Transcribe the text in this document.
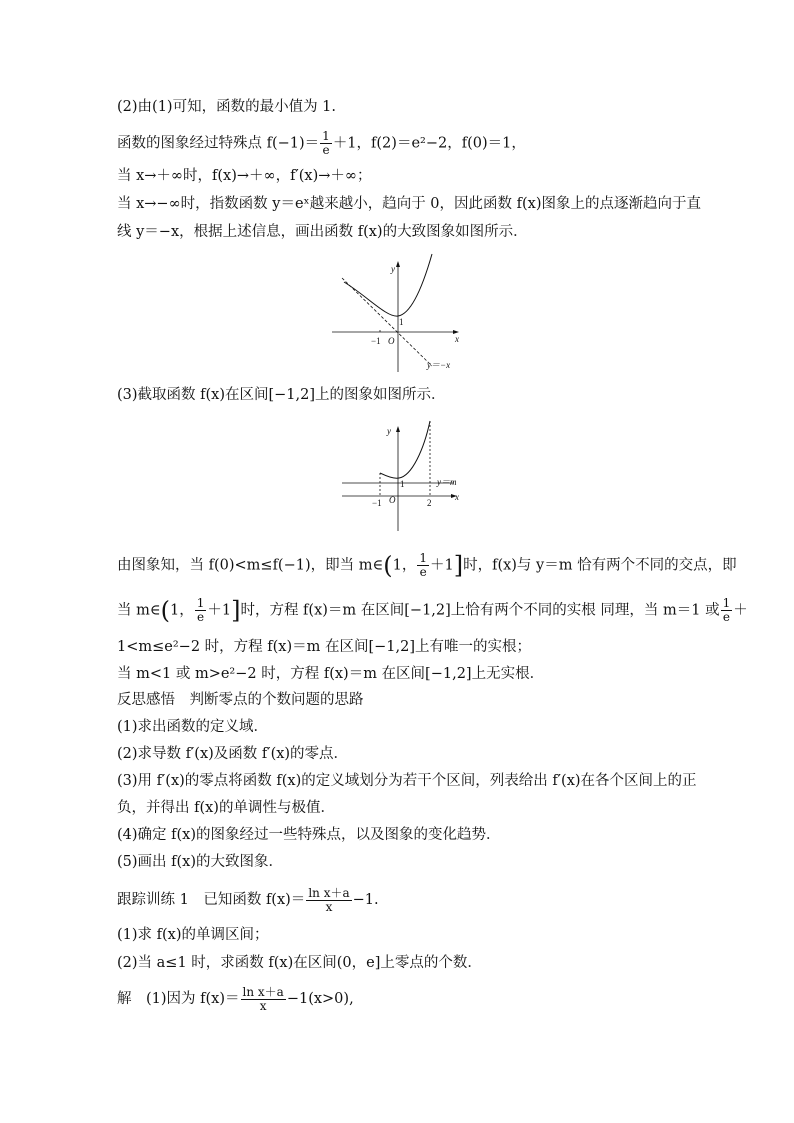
(2)由(1)可知，函数的最小值为 1.
函数的图象经过特殊点 $f(-1)= \frac{1}{e} +1$，f(2)＝e²−2，f(0)＝1，
当 x→＋∞时，f(x)→＋∞，f′(x)→＋∞；
当 x→−∞时，指数函数 y＝eˣ越来越小，趋向于 0，因此函数 f(x)图象上的点逐渐趋向于直
线 y＝−x，根据上述信息，画出函数 f(x)的大致图象如图所示．
y
x
1
−1 O
y＝−x
(3)截取函数 f(x)在区间[−1,2]上的图象如图所示．
y
x
1
−1 O	2
y＝m
由图象知，当 f(0)<m≤f(−1)，即当 m∈(1， $\frac{1}{e} +1$]时，f(x)与 y＝m 恰有两个不同的交点，即
当 m∈(1， $\frac{1}{e} +1$]时，方程 f(x)＝m 在区间[−1,2]上恰有两个不同的实根 同理，当 m＝1 或 $\frac{1}{e}$ ＋
1<m≤e²−2 时，方程 f(x)＝m 在区间[−1,2]上有唯一的实根；
当 m<1 或 m>e²−2 时，方程 f(x)＝m 在区间[−1,2]上无实根．
反思感悟　判断零点的个数问题的思路
(1)求出函数的定义域．
(2)求导数 f′(x)及函数 f′(x)的零点．
(3)用 f′(x)的零点将函数 f(x)的定义域划分为若干个区间，列表给出 f′(x)在各个区间上的正
负，并得出 f(x)的单调性与极值．
(4)确定 f(x)的图象经过一些特殊点，以及图象的变化趋势．
(5)画出 f(x)的大致图象．
跟踪训练 1　已知函数 $f(x)= \frac{\text{ln x＋a}}{x} -1$.
(1)求 f(x)的单调区间；
(2)当 a≤1 时，求函数 f(x)在区间(0，e]上零点的个数．
解　(1)因为 $f(x)= \frac{\text{ln x＋a}}{x} -1(x>0)$,
